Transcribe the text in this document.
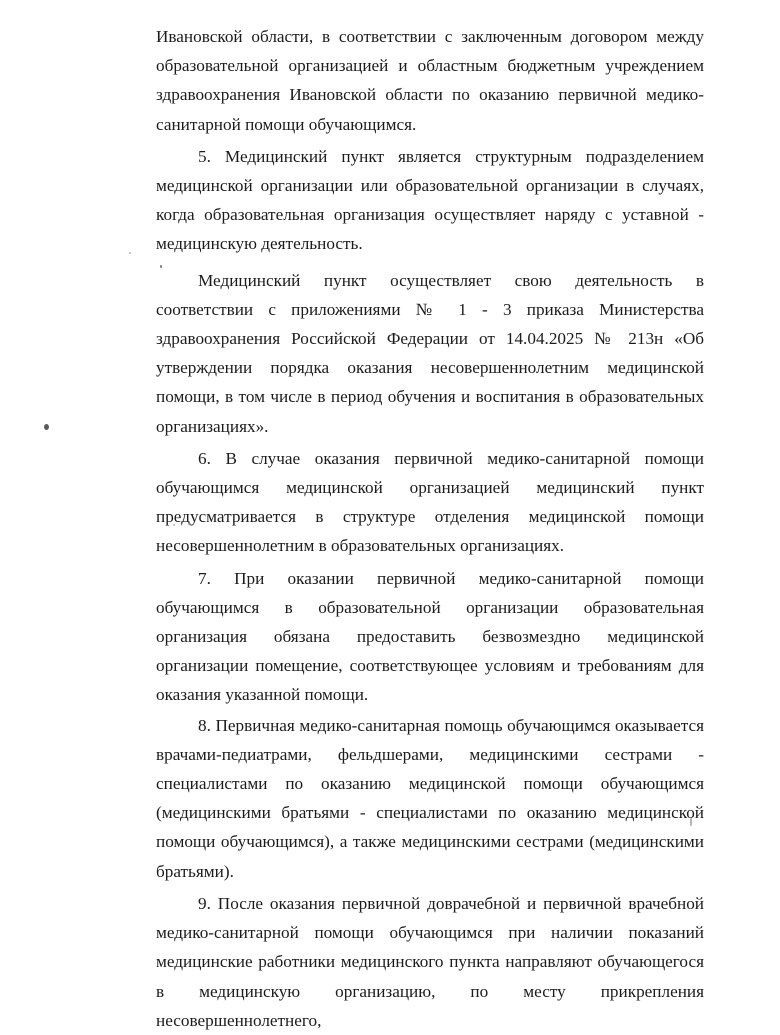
Ивановской области, в соответствии с заключенным договором между образовательной организацией и областным бюджетным учреждением здравоохранения Ивановской области по оказанию первичной медико-санитарной помощи обучающимся.

5. Медицинский пункт является структурным подразделением медицинской организации или образовательной организации в случаях, когда образовательная организация осуществляет наряду с уставной - медицинскую деятельность.

Медицинский пункт осуществляет свою деятельность в соответствии с приложениями № 1 - 3 приказа Министерства здравоохранения Российской Федерации от 14.04.2025 № 213н «Об утверждении порядка оказания несовершеннолетним медицинской помощи, в том числе в период обучения и воспитания в образовательных организациях».

6. В случае оказания первичной медико-санитарной помощи обучающимся медицинской организацией медицинский пункт предусматривается в структуре отделения медицинской помощи несовершеннолетним в образовательных организациях.

7. При оказании первичной медико-санитарной помощи обучающимся в образовательной организации образовательная организация обязана предоставить безвозмездно медицинской организации помещение, соответствующее условиям и требованиям для оказания указанной помощи.

8. Первичная медико-санитарная помощь обучающимся оказывается врачами-педиатрами, фельдшерами, медицинскими сестрами - специалистами по оказанию медицинской помощи обучающимся (медицинскими братьями - специалистами по оказанию медицинской помощи обучающимся), а также медицинскими сестрами (медицинскими братьями).

9. После оказания первичной доврачебной и первичной врачебной медико-санитарной помощи обучающимся при наличии показаний медицинские работники медицинского пункта направляют обучающегося в медицинскую организацию, по месту прикрепления несовершеннолетнего,
